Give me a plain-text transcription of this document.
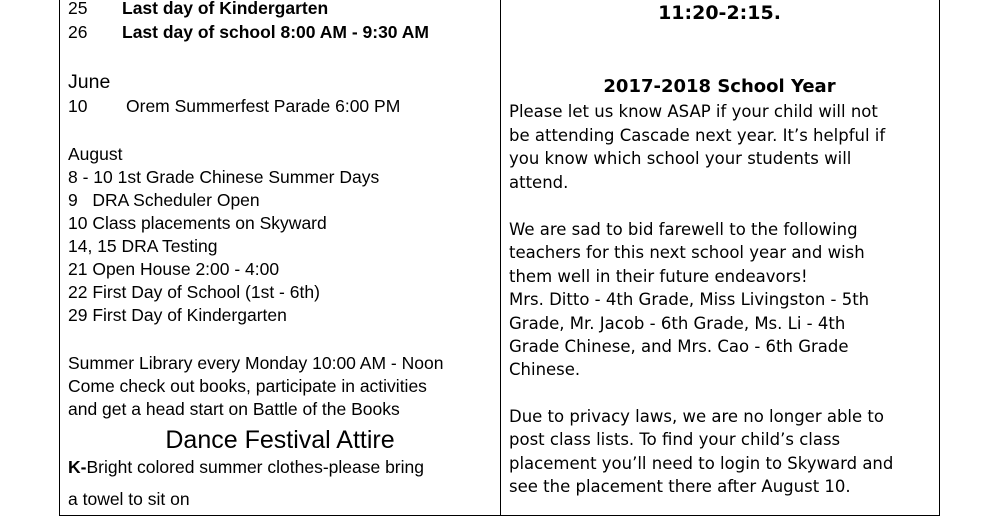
25 Last day of Kindergarten
26 Last day of school 8:00 AM - 9:30 AM
June
10 Orem Summerfest Parade 6:00 PM
August
8 - 10 1st Grade Chinese Summer Days
9   DRA Scheduler Open
10 Class placements on Skyward
14, 15 DRA Testing
21 Open House 2:00 - 4:00
22 First Day of School (1st - 6th)
29 First Day of Kindergarten
Summer Library every Monday 10:00 AM - Noon
Come check out books, participate in activities
and get a head start on Battle of the Books
Dance Festival Attire
K-Bright colored summer clothes-please bring
a towel to sit on
11:20-2:15.
2017-2018 School Year
Please let us know ASAP if your child will not
be attending Cascade next year. It’s helpful if
you know which school your students will
attend.
We are sad to bid farewell to the following
teachers for this next school year and wish
them well in their future endeavors!
Mrs. Ditto - 4th Grade, Miss Livingston - 5th
Grade, Mr. Jacob - 6th Grade, Ms. Li - 4th
Grade Chinese, and Mrs. Cao - 6th Grade
Chinese.
Due to privacy laws, we are no longer able to
post class lists. To find your child’s class
placement you’ll need to login to Skyward and
see the placement there after August 10.
